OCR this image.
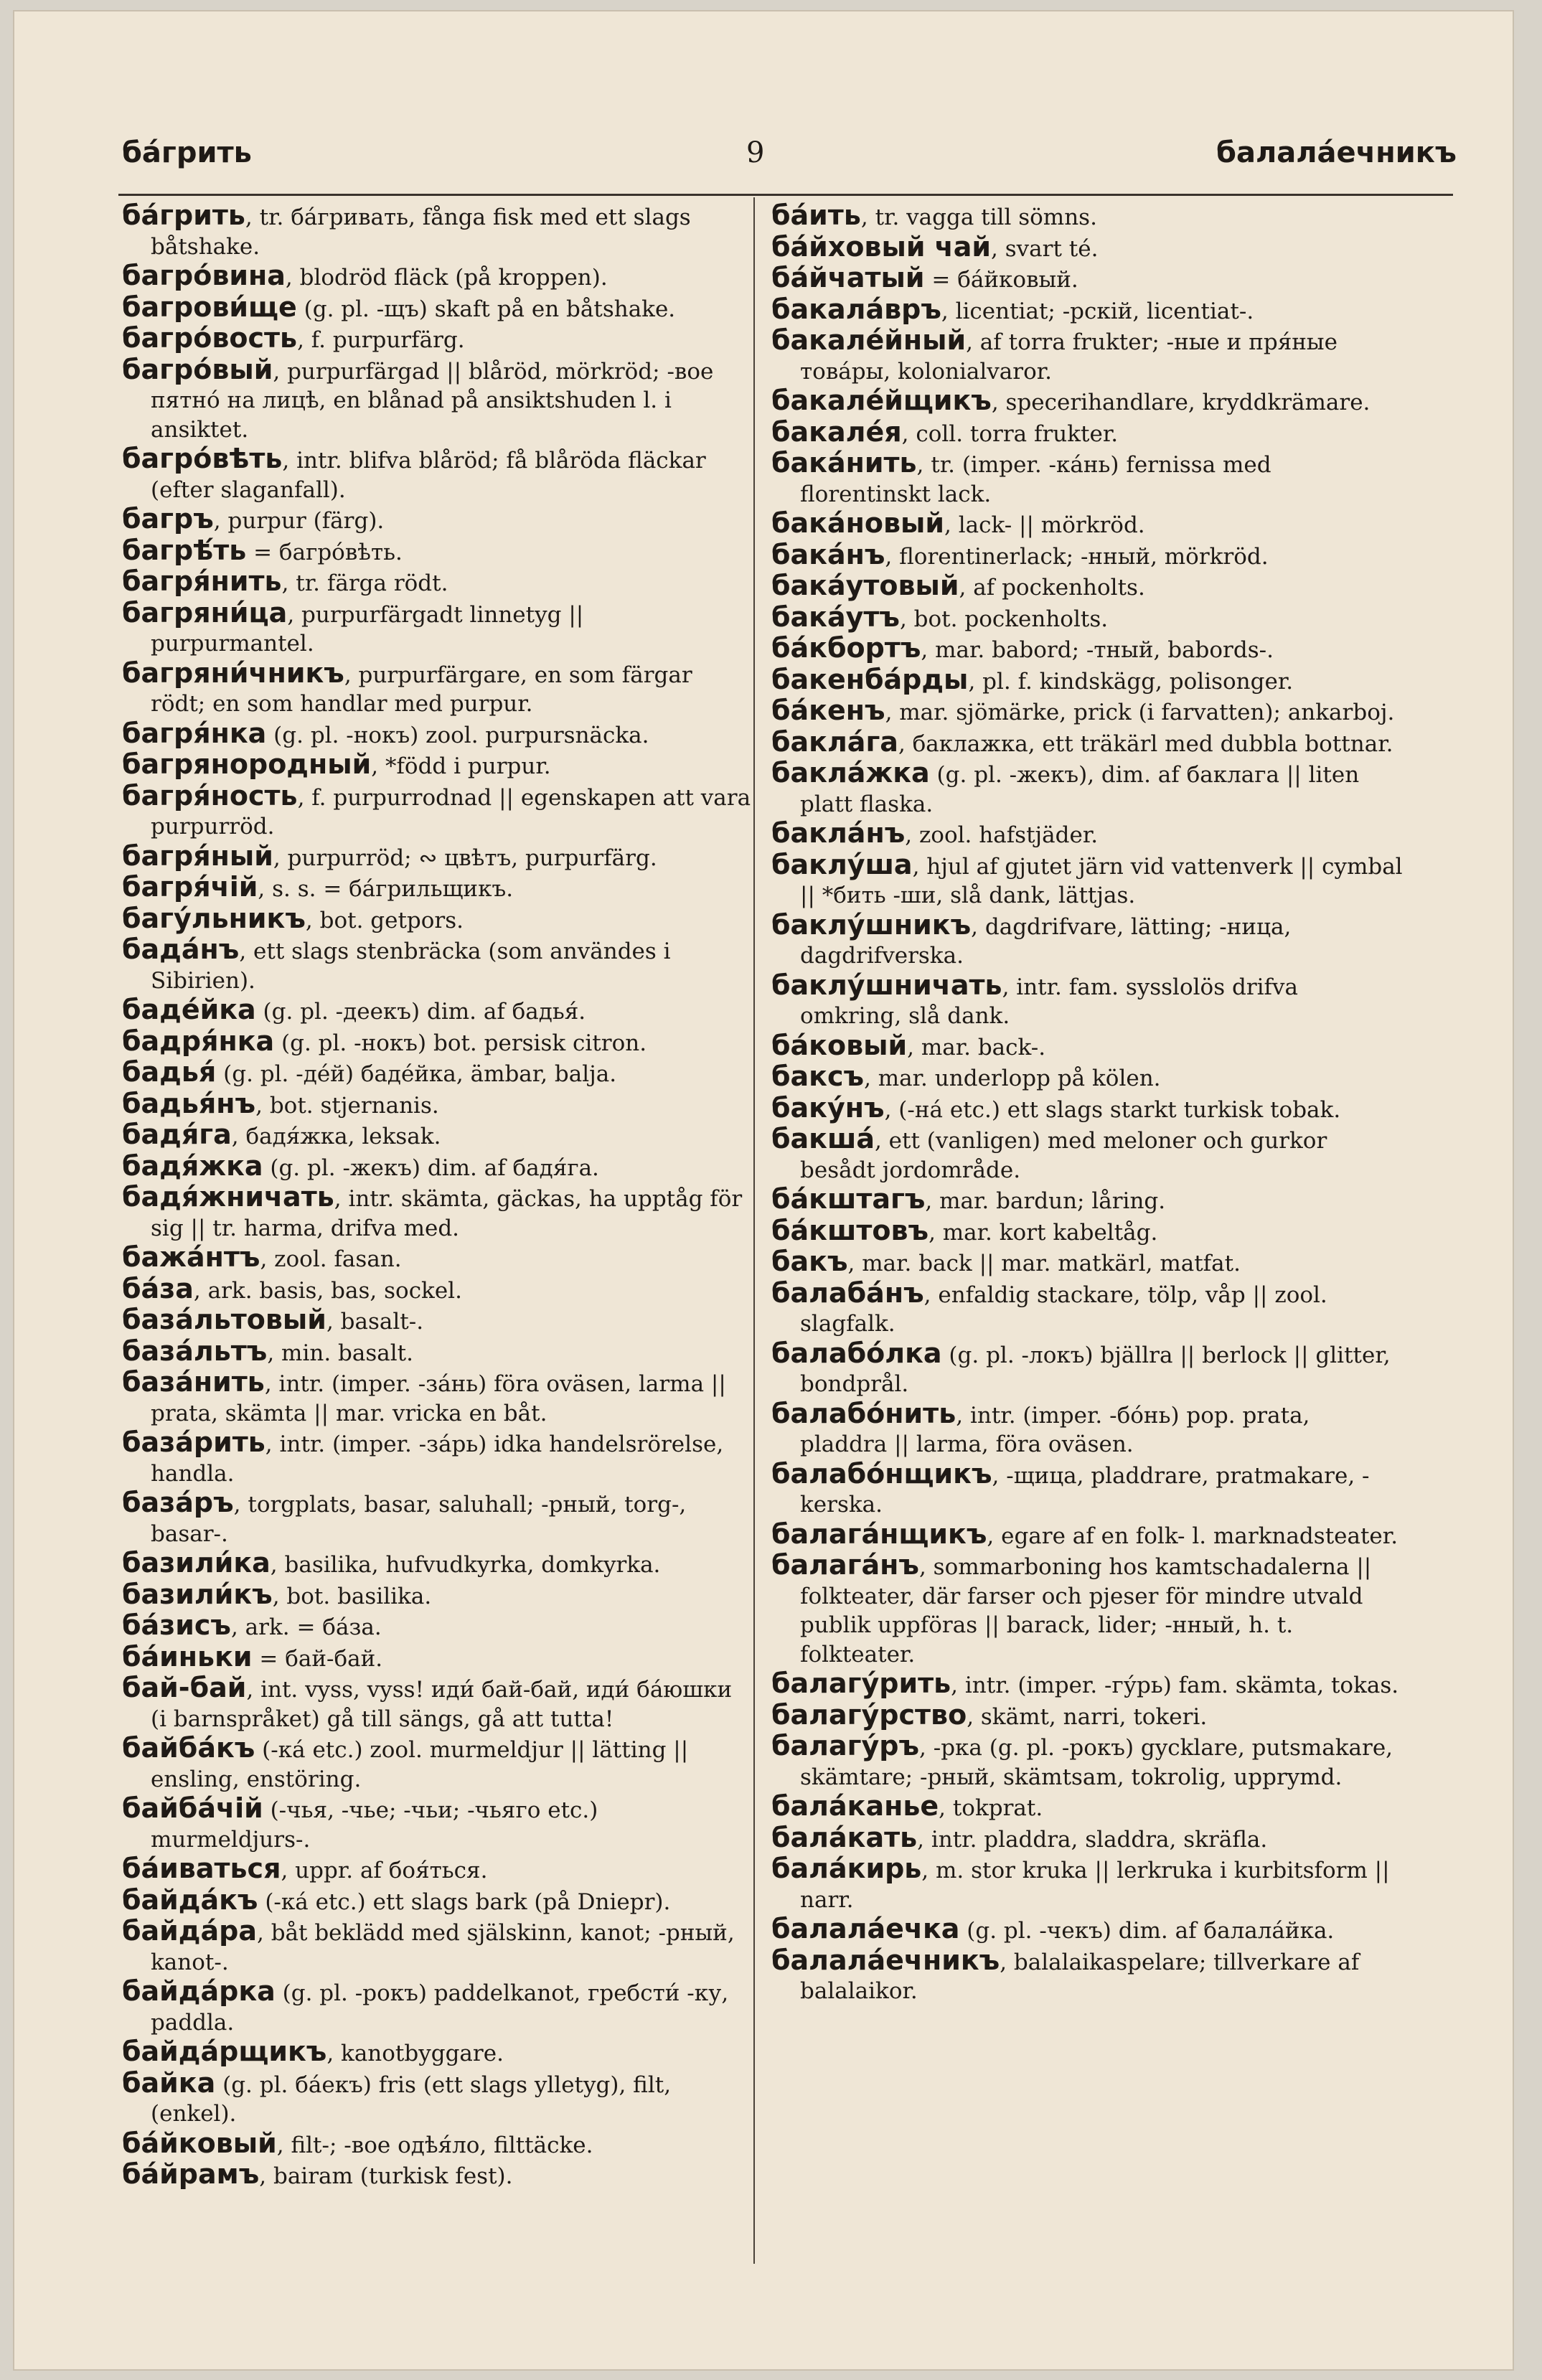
ба́грить	9	балала́ечникъ

ба́грить, tr. ба́гривать, fånga fisk med ett slags båtshake.

багро́вина, blodröd fläck (på kroppen).

багрови́ще (g. pl. -щъ) skaft på en båtshake.

багро́вость, f. purpurfärg.

багро́вый, purpurfärgad || blåröd, mörkröd; -вое пятно́ на лицѣ, en blånad på ansiktshuden l. i ansiktet.

багро́вѣть, intr. blifva blåröd; få blåröda fläckar (efter slaganfall).

багръ, purpur (färg).

багрѣ́ть = багро́вѣть.

багря́нить, tr. färga rödt.

багряни́ца, purpurfärgadt linnetyg || purpurmantel.

багряни́чникъ, purpurfärgare, en som färgar rödt; en som handlar med purpur.

багря́нка (g. pl. -нокъ) zool. purpursnäcka.

багрянородный, *född i purpur.

багря́ность, f. purpurrodnad || egenskapen att vara purpurröd.

багря́ный, purpurröd; ∾ цвѣтъ, purpurfärg.

багря́чій, s. s. = ба́грильщикъ.

багу́льникъ, bot. getpors.

бада́нъ, ett slags stenbräcka (som användes i Sibirien).

баде́йка (g. pl. -деекъ) dim. af бадья́.

бадря́нка (g. pl. -нокъ) bot. persisk citron.

бадья́ (g. pl. -де́й) баде́йка, ämbar, balja.

бадья́нъ, bot. stjernanis.

бадя́га, бадя́жка, leksak.

бадя́жка (g. pl. -жекъ) dim. af бадя́га.

бадя́жничать, intr. skämta, gäckas, ha upptåg för sig || tr. harma, drifva med.

бажа́нтъ, zool. fasan.

ба́за, ark. basis, bas, sockel.

база́льтовый, basalt-.

база́льтъ, min. basalt.

база́нить, intr. (imper. -за́нь) föra oväsen, larma || prata, skämta || mar. vricka en båt.

база́рить, intr. (imper. -за́рь) idka handelsrörelse, handla.

база́ръ, torgplats, basar, saluhall; -рный, torg-, basar-.

базили́ка, basilika, hufvudkyrka, domkyrka.

базили́къ, bot. basilika.

ба́зисъ, ark. = ба́за.

ба́иньки = бай-бай.

бай-бай, int. vyss, vyss! иди́ бай-бай, иди́ ба́юшки (i barnspråket) gå till sängs, gå att tutta!

байба́къ (-ка́ etc.) zool. murmeldjur || lätting || ensling, enstöring.

байба́чій (-чья, -чье; -чьи; -чьяго etc.) murmeldjurs-.

ба́иваться, uppr. af боя́ться.

байда́къ (-ка́ etc.) ett slags bark (på Dniepr).

байда́ра, båt beklädd med själskinn, kanot; -рный, kanot-.

байда́рка (g. pl. -рокъ) paddelkanot, гребсти́ -ку, paddla.

байда́рщикъ, kanotbyggare.

байка (g. pl. ба́екъ) fris (ett slags ylletyg), filt, (enkel).

ба́йковый, filt-; -вое одѣя́ло, filttäcke.

ба́йрамъ, bairam (turkisk fest).

ба́ить, tr. vagga till sömns.

ба́йховый чай, svart té.

ба́йчатый = ба́йковый.

бакала́връ, licentiat; -рскій, licentiat-.

бакале́йный, af torra frukter; -ные и пря́ные това́ры, kolonialvaror.

бакале́йщикъ, specerihandlare, kryddkrämare.

бакале́я, coll. torra frukter.

бака́нить, tr. (imper. -ка́нь) fernissa med florentinskt lack.

бака́новый, lack- || mörkröd.

бака́нъ, florentinerlack; -нный, mörkröd.

бака́утовый, af pockenholts.

бака́утъ, bot. pockenholts.

ба́кбортъ, mar. babord; -тный, babords-.

бакенба́рды, pl. f. kindskägg, polisonger.

ба́кенъ, mar. sjömärke, prick (i farvatten); ankarboj.

бакла́га, баклажка, ett träkärl med dubbla bottnar.

бакла́жка (g. pl. -жекъ), dim. af баклага || liten platt flaska.

бакла́нъ, zool. hafstjäder.

баклу́ша, hjul af gjutet järn vid vattenverk || cymbal || *бить -ши, slå dank, lättjas.

баклу́шникъ, dagdrifvare, lätting; -ница, dagdrifverska.

баклу́шничать, intr. fam. sysslolös drifva omkring, slå dank.

ба́ковый, mar. back-.

баксъ, mar. underlopp på kölen.

баку́нъ, (-на́ etc.) ett slags starkt turkisk tobak.

бакша́, ett (vanligen) med meloner och gurkor besådt jordområde.

ба́кштагъ, mar. bardun; låring.

ба́кштовъ, mar. kort kabeltåg.

бакъ, mar. back || mar. matkärl, matfat.

балаба́нъ, enfaldig stackare, tölp, våp || zool. slagfalk.

балабо́лка (g. pl. -локъ) bjällra || berlock || glitter, bondprål.

балабо́нить, intr. (imper. -бо́нь) pop. prata, pladdra || larma, föra oväsen.

балабо́нщикъ, -щица, pladdrare, pratmakare, -kerska.

балага́нщикъ, egare af en folk- l. marknadsteater.

балага́нъ, sommarboning hos kamtschadalerna || folkteater, där farser och pjeser för mindre utvald publik uppföras || barack, lider; -нный, h. t. folkteater.

балагу́рить, intr. (imper. -гу́рь) fam. skämta, tokas.

балагу́рство, skämt, narri, tokeri.

балагу́ръ, -рка (g. pl. -рокъ) gycklare, putsmakare, skämtare; -рный, skämtsam, tokrolig, upprymd.

бала́канье, tokprat.

бала́кать, intr. pladdra, sladdra, skräfla.

бала́кирь, m. stor kruka || lerkruka i kurbitsform || narr.

балала́ечка (g. pl. -чекъ) dim. af балала́йка.

балала́ечникъ, balalaikaspelare; tillverkare af balalaikor.
